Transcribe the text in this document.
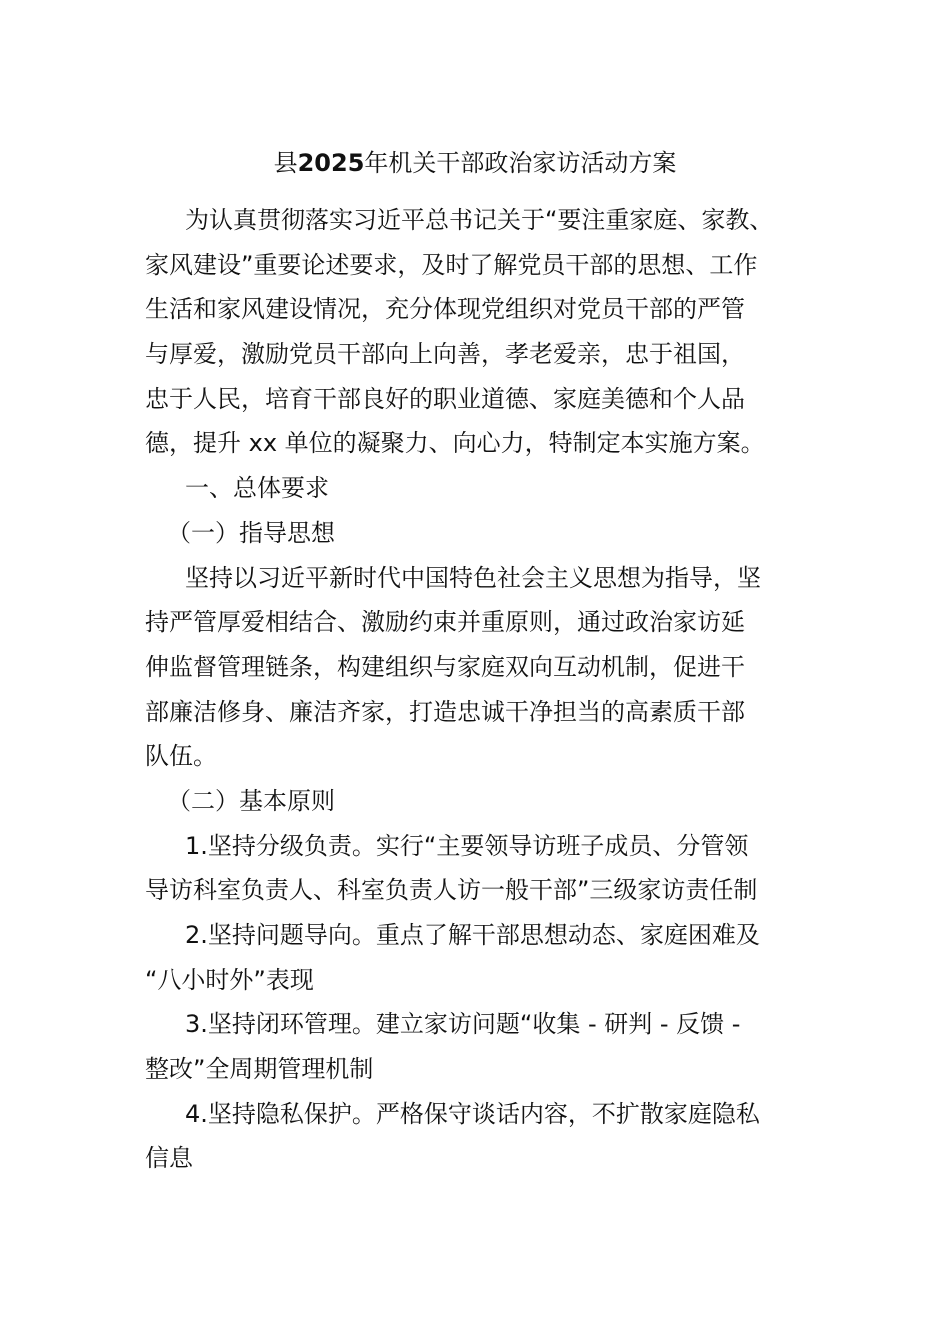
县2025年机关干部政治家访活动方案
为认真贯彻落实习近平总书记关于“要注重家庭、家教、
家风建设”重要论述要求，及时了解党员干部的思想、工作
生活和家风建设情况，充分体现党组织对党员干部的严管
与厚爱，激励党员干部向上向善，孝老爱亲，忠于祖国，
忠于人民，培育干部良好的职业道德、家庭美德和个人品
德，提升 xx 单位的凝聚力、向心力，特制定本实施方案。
一、总体要求
（一）指导思想
坚持以习近平新时代中国特色社会主义思想为指导，坚
持严管厚爱相结合、激励约束并重原则，通过政治家访延
伸监督管理链条，构建组织与家庭双向互动机制，促进干
部廉洁修身、廉洁齐家，打造忠诚干净担当的高素质干部
队伍。
（二）基本原则
1.坚持分级负责。实行“主要领导访班子成员、分管领
导访科室负责人、科室负责人访一般干部”三级家访责任制
2.坚持问题导向。重点了解干部思想动态、家庭困难及
“八小时外”表现
3.坚持闭环管理。建立家访问题“收集 - 研判 - 反馈 -
整改”全周期管理机制
4.坚持隐私保护。严格保守谈话内容，不扩散家庭隐私
信息
